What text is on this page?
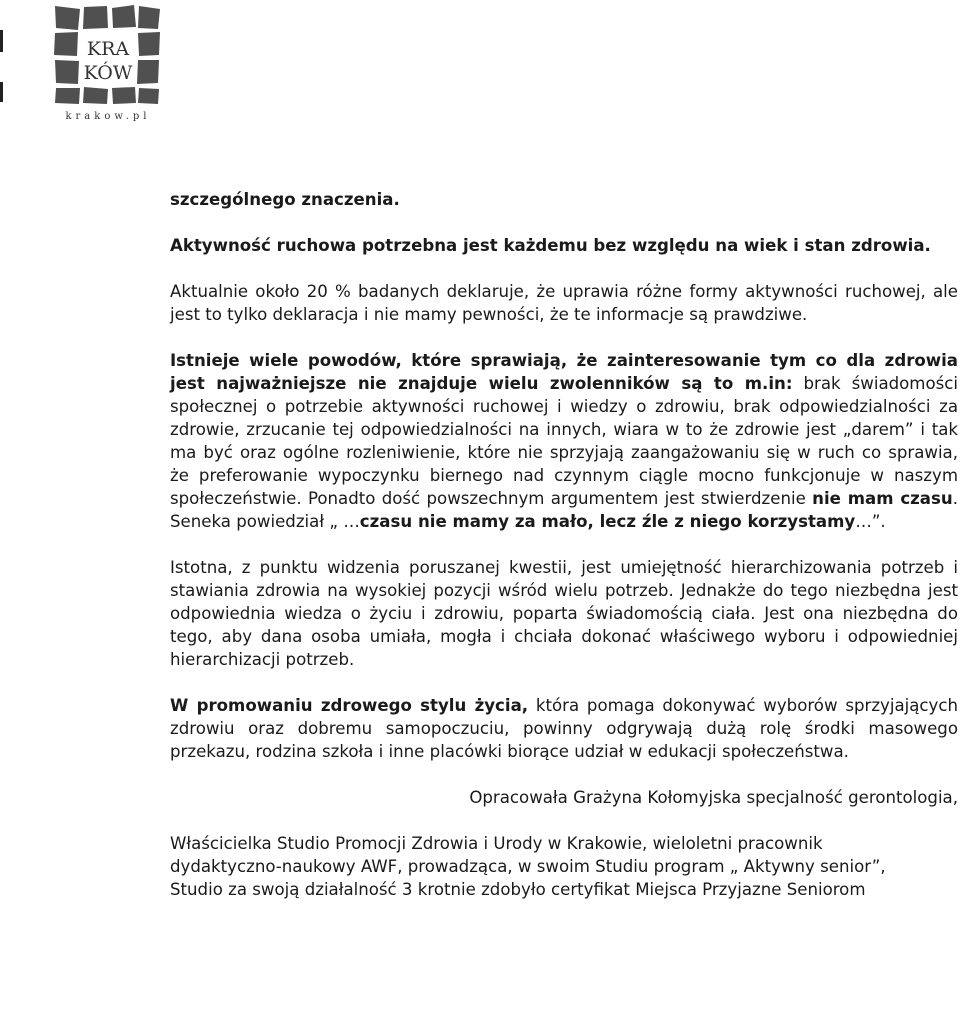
KRA
KÓW
krakow.pl

szczególnego znaczenia.

Aktywność ruchowa potrzebna jest każdemu bez względu na wiek i stan zdrowia.

Aktualnie około 20 % badanych deklaruje, że uprawia różne formy aktywności ruchowej, ale jest to tylko deklaracja i nie mamy pewności, że te informacje są prawdziwe.

Istnieje wiele powodów, które sprawiają, że zainteresowanie tym co dla zdrowia jest najważniejsze nie znajduje wielu zwolenników są to m.in: brak świadomości społecznej o potrzebie aktywności ruchowej i wiedzy o zdrowiu, brak odpowiedzialności za zdrowie, zrzucanie tej odpowiedzialności na innych, wiara w to że zdrowie jest „darem” i tak ma być oraz ogólne rozleniwienie, które nie sprzyjają zaangażowaniu się w ruch co sprawia, że preferowanie wypoczynku biernego nad czynnym ciągle mocno funkcjonuje w naszym społeczeństwie. Ponadto dość powszechnym argumentem jest stwierdzenie nie mam czasu. Seneka powiedział „ …czasu nie mamy za mało, lecz źle z niego korzystamy…”.

Istotna, z punktu widzenia poruszanej kwestii, jest umiejętność hierarchizowania potrzeb i stawiania zdrowia na wysokiej pozycji wśród wielu potrzeb. Jednakże do tego niezbędna jest odpowiednia wiedza o życiu i zdrowiu, poparta świadomością ciała. Jest ona niezbędna do tego, aby dana osoba umiała, mogła i chciała dokonać właściwego wyboru i odpowiedniej hierarchizacji potrzeb.

W promowaniu zdrowego stylu życia, która pomaga dokonywać wyborów sprzyjających zdrowiu oraz dobremu samopoczuciu, powinny odgrywają dużą rolę środki masowego przekazu, rodzina szkoła i inne placówki biorące udział w edukacji społeczeństwa.

Opracowała Grażyna Kołomyjska specjalność gerontologia,

Właścicielka Studio Promocji Zdrowia i Urody w Krakowie, wieloletni pracownik dydaktyczno-naukowy AWF, prowadząca, w swoim Studiu program „ Aktywny senior”, Studio za swoją działalność 3 krotnie zdobyło certyfikat Miejsca Przyjazne Seniorom
